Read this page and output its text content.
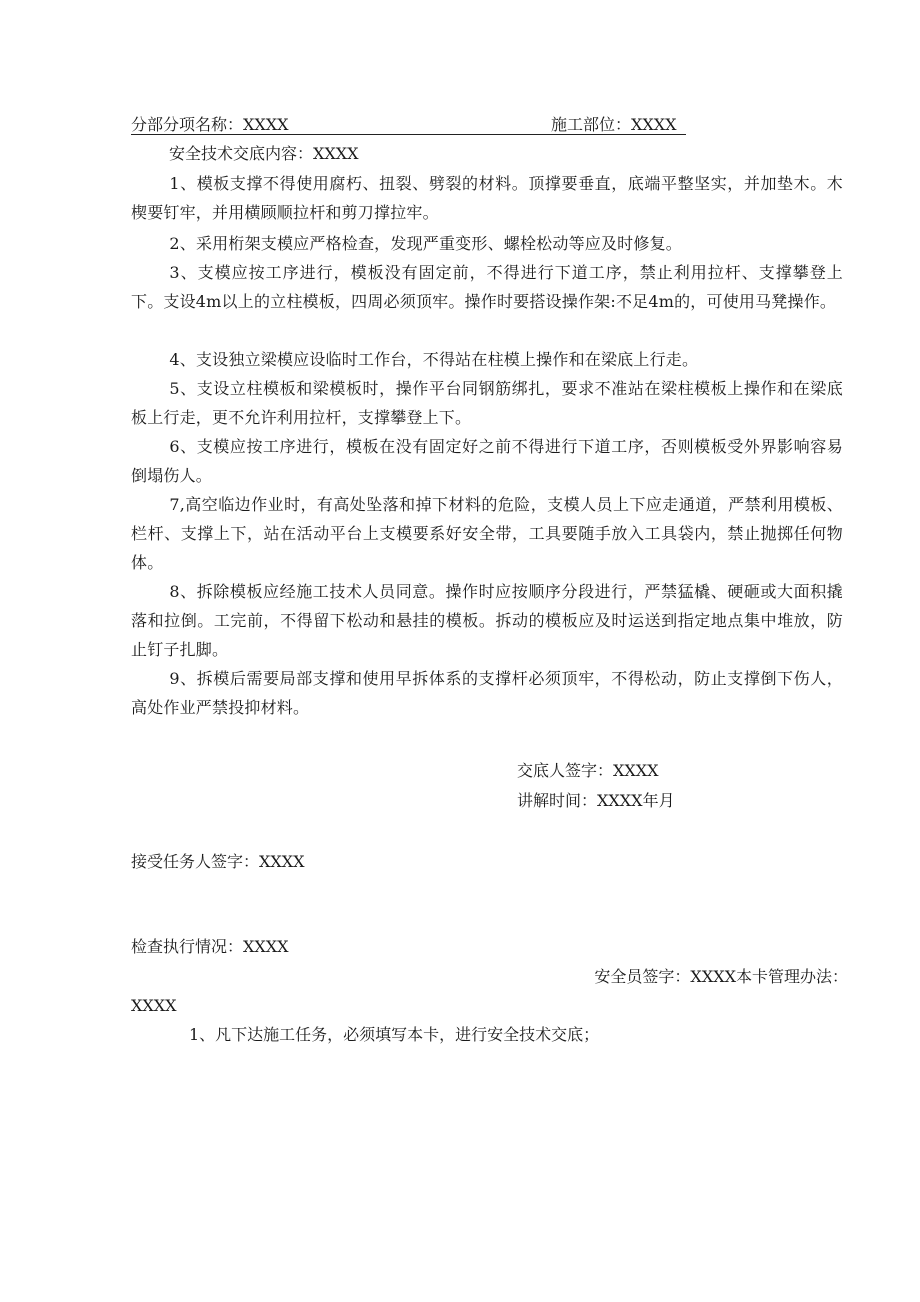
分部分项名称：XXXX	施工部位：XXXX
安全技术交底内容：XXXX
1、模板支撑不得使用腐朽、扭裂、劈裂的材料。顶撑要垂直，底端平整坚实，并加垫木。木楔要钉牢，并用横顾顺拉杆和剪刀撑拉牢。
2、采用桁架支模应严格检查，发现严重变形、螺栓松动等应及时修复。
3、支模应按工序进行，模板没有固定前，不得进行下道工序，禁止利用拉杆、支撑攀登上下。支设4m以上的立柱模板，四周必须顶牢。操作时要搭设操作架:不足4m的，可使用马凳操作。
4、支设独立梁模应设临时工作台，不得站在柱模上操作和在梁底上行走。
5、支设立柱模板和梁模板时，操作平台同钢筋绑扎，要求不准站在梁柱模板上操作和在梁底板上行走，更不允许利用拉杆，支撑攀登上下。
6、支模应按工序进行，模板在没有固定好之前不得进行下道工序，否则模板受外界影响容易倒塌伤人。
7,高空临边作业时，有高处坠落和掉下材料的危险，支模人员上下应走通道，严禁利用模板、栏杆、支撑上下，站在活动平台上支模要系好安全带，工具要随手放入工具袋内，禁止抛掷任何物体。
8、拆除模板应经施工技术人员同意。操作时应按顺序分段进行，严禁猛橇、硬砸或大面积撬落和拉倒。工完前，不得留下松动和悬挂的模板。拆动的模板应及时运送到指定地点集中堆放，防止钉子扎脚。
9、拆模后需要局部支撑和使用早拆体系的支撑杆必须顶牢，不得松动，防止支撑倒下伤人，高处作业严禁投抑材料。
交底人签字：XXXX
讲解时间：XXXX年月
接受任务人签字：XXXX
检查执行情况：XXXX
安全员签字：XXXX本卡管理办法：
XXXX
1、凡下达施工任务，必须填写本卡，进行安全技术交底；
